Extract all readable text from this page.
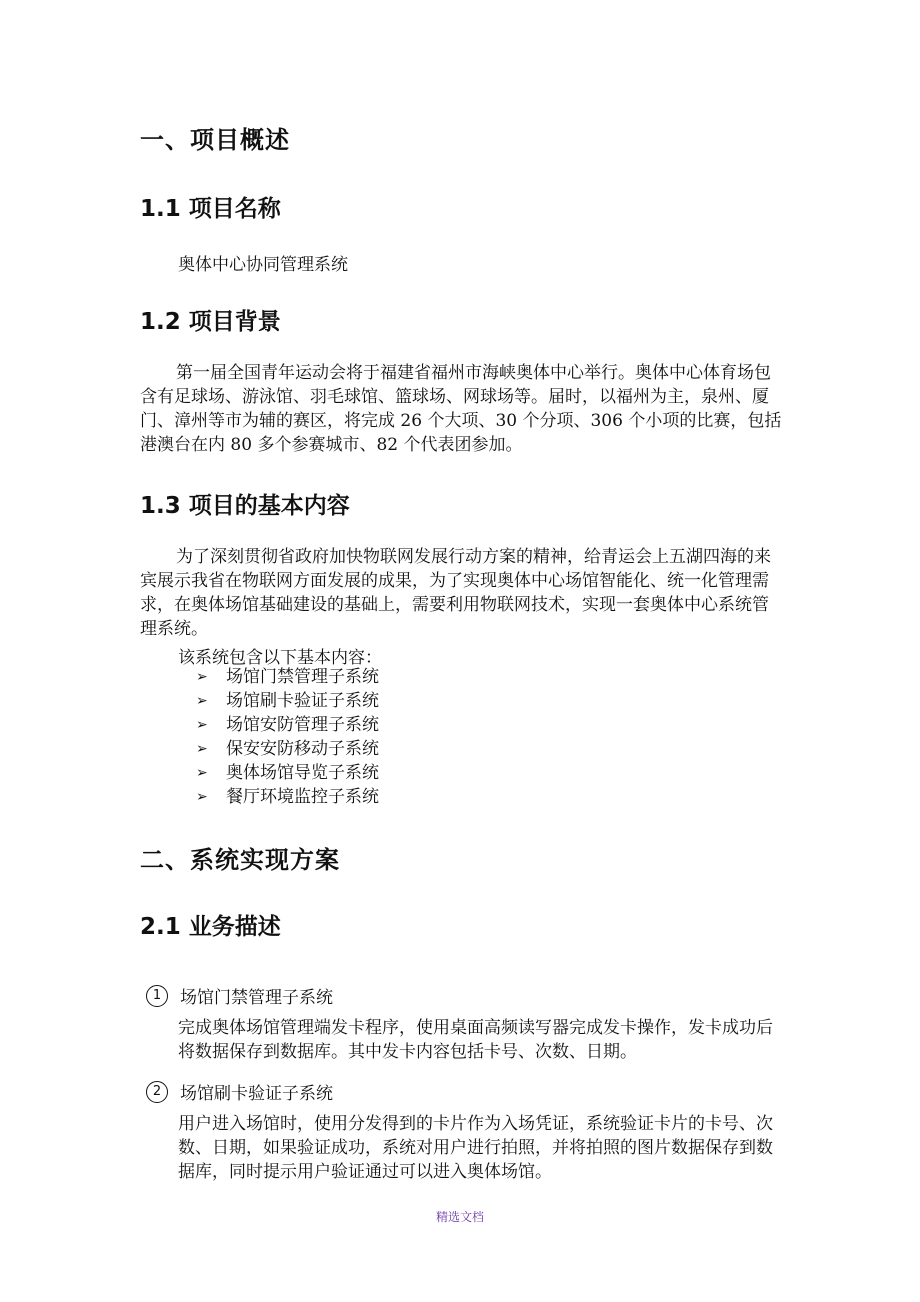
一、项目概述
1.1 项目名称

奥体中心协同管理系统

1.2 项目背景

第一届全国青年运动会将于福建省福州市海峡奥体中心举行。奥体中心体育场包含有足球场、游泳馆、羽毛球馆、篮球场、网球场等。届时，以福州为主，泉州、厦门、漳州等市为辅的赛区，将完成 26 个大项、30 个分项、306 个小项的比赛，包括港澳台在内 80 多个参赛城市、82 个代表团参加。

1.3 项目的基本内容

为了深刻贯彻省政府加快物联网发展行动方案的精神，给青运会上五湖四海的来宾展示我省在物联网方面发展的成果，为了实现奥体中心场馆智能化、统一化管理需求，在奥体场馆基础建设的基础上，需要利用物联网技术，实现一套奥体中心系统管理系统。

该系统包含以下基本内容：

➢	场馆门禁管理子系统
➢	场馆刷卡验证子系统
➢	场馆安防管理子系统
➢	保安安防移动子系统
➢	奥体场馆导览子系统
➢	餐厅环境监控子系统
二、系统实现方案
2.1 业务描述
1	场馆门禁管理子系统

完成奥体场馆管理端发卡程序，使用桌面高频读写器完成发卡操作，发卡成功后将数据保存到数据库。其中发卡内容包括卡号、次数、日期。

2	场馆刷卡验证子系统

用户进入场馆时，使用分发得到的卡片作为入场凭证，系统验证卡片的卡号、次数、日期，如果验证成功，系统对用户进行拍照，并将拍照的图片数据保存到数据库，同时提示用户验证通过可以进入奥体场馆。

精选文档
